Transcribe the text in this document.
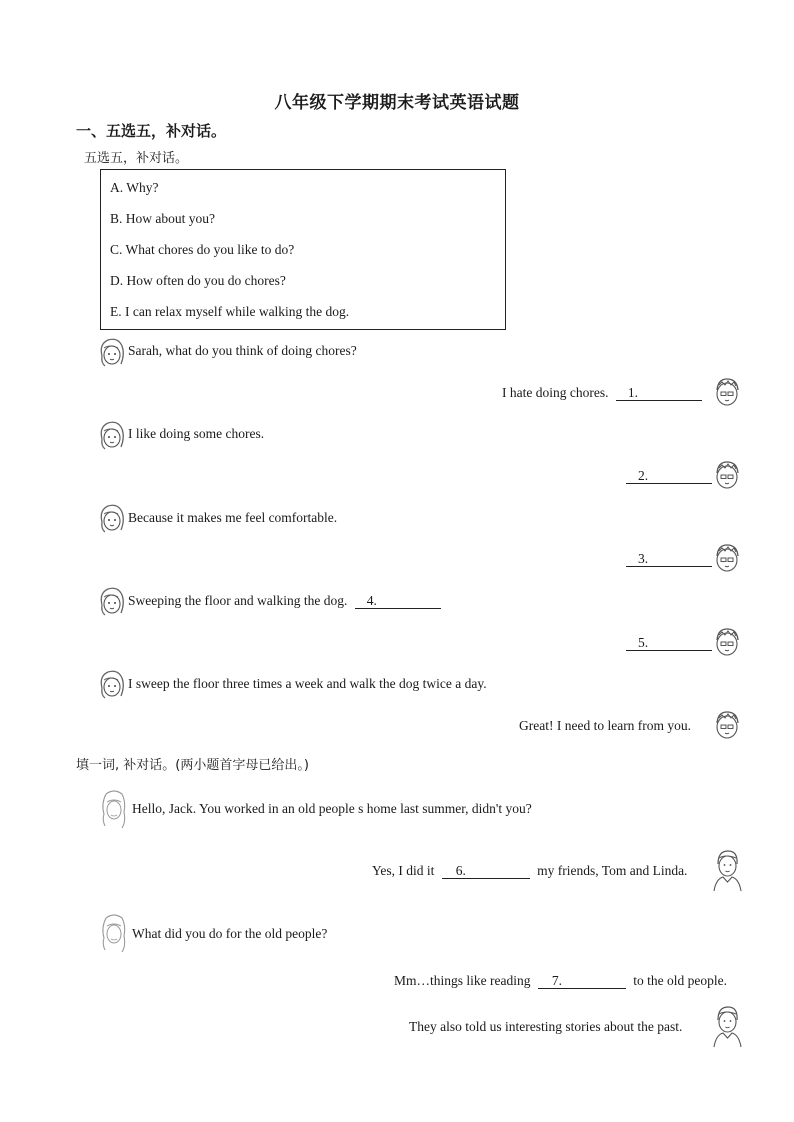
八年级下学期期末考试英语试题
一、五选五，补对话。
五选五，补对话。
A. Why?
B. How about you?
C. What chores do you like to do?
D. How often do you do chores?
E. I can relax myself while walking the dog.
Sarah, what do you think of doing chores?
I hate doing chores. 1.
I like doing some chores.
2.
Because it makes me feel comfortable.
3.
Sweeping the floor and walking the dog. 4.
5.
I sweep the floor three times a week and walk the dog twice a day.
Great! I need to learn from you.
填一词, 补对话。(两小题首字母已给出。)
Hello, Jack. You worked in an old people s home last summer, didn't you?
Yes, I did it 6.	my friends, Tom and Linda.
What did you do for the old people?
Mm…things like reading 7.	to the old people.
They also told us interesting stories about the past.
